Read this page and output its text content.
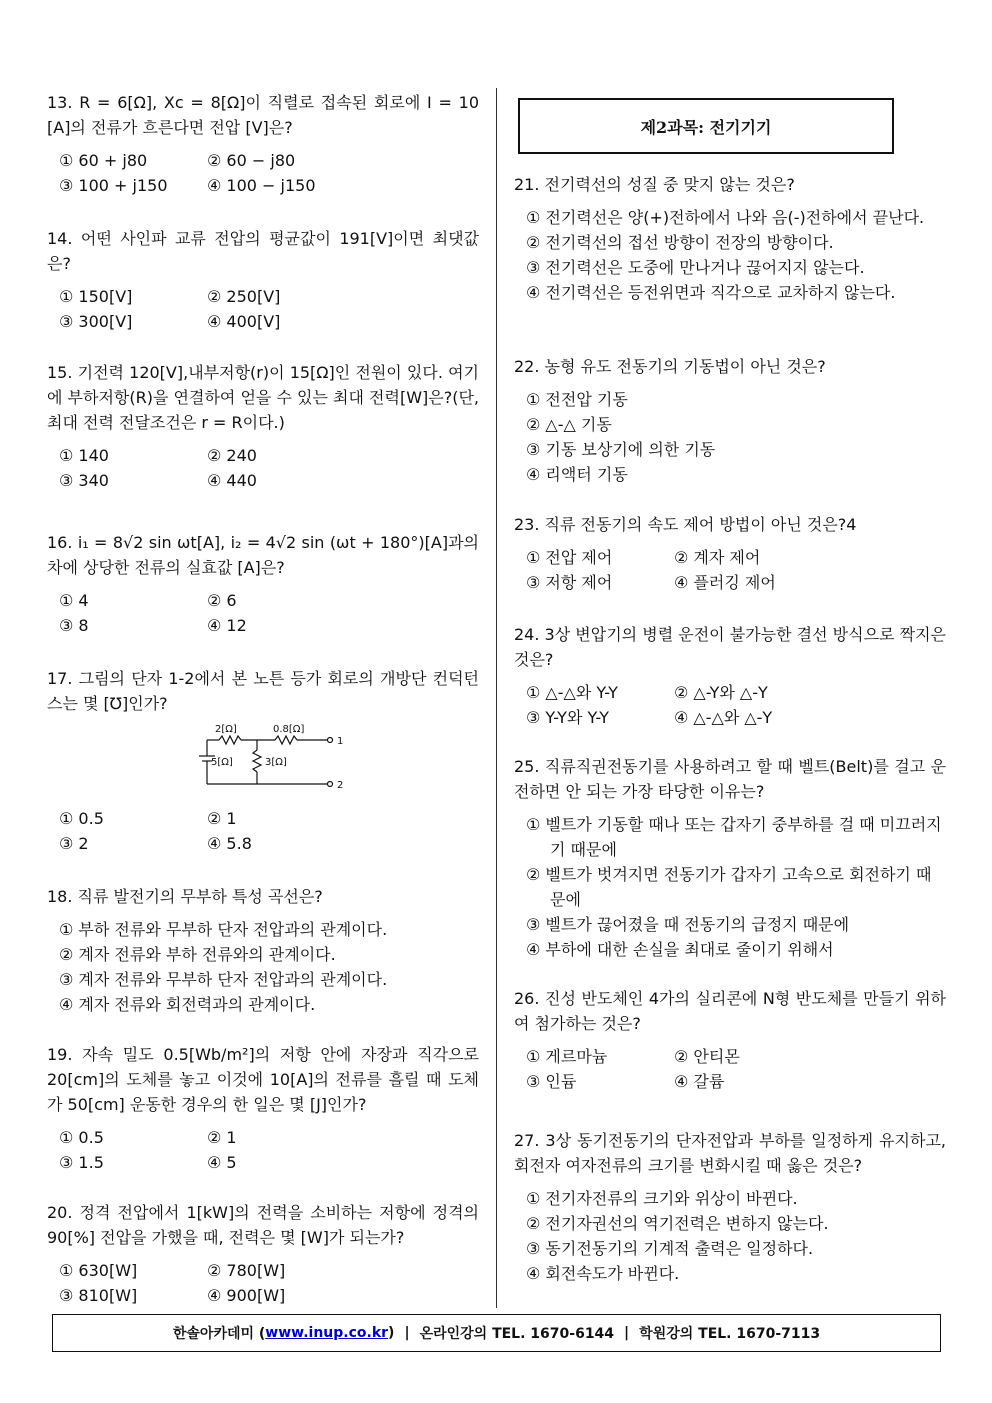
13. R = 6[Ω], Xc = 8[Ω]이 직렬로 접속된 회로에 I = 10 [A]의 전류가 흐른다면 전압 [V]은?
① 60 + j80	② 60 − j80
③ 100 + j150	④ 100 − j150
14. 어떤 사인파 교류 전압의 평균값이 191[V]이면 최댓값은?
① 150[V]	② 250[V]
③ 300[V]	④ 400[V]
15. 기전력 120[V],내부저항(r)이 15[Ω]인 전원이 있다. 여기에 부하저항(R)을 연결하여 얻을 수 있는 최대 전력[W]은?(단, 최대 전력 전달조건은 r = R이다.)
① 140	② 240
③ 340	④ 440
16. i₁ = 8√2 sin ωt[A], i₂ = 4√2 sin (ωt + 180°)[A]과의 차에 상당한 전류의 실효값 [A]은?
① 4	② 6
③ 8	④ 12
17. 그림의 단자 1-2에서 본 노튼 등가 회로의 개방단 컨덕턴스는 몇 [℧]인가?
2[Ω]	0.8[Ω]
5[Ω]	3[Ω]
1
2
① 0.5	② 1
③ 2	④ 5.8
18. 직류 발전기의 무부하 특성 곡선은?
① 부하 전류와 무부하 단자 전압과의 관계이다.
② 계자 전류와 부하 전류와의 관계이다.
③ 계자 전류와 무부하 단자 전압과의 관계이다.
④ 계자 전류와 회전력과의 관계이다.
19. 자속 밀도 0.5[Wb/m²]의 저항 안에 자장과 직각으로 20[cm]의 도체를 놓고 이것에 10[A]의 전류를 흘릴 때 도체가 50[cm] 운동한 경우의 한 일은 몇 [J]인가?
① 0.5	② 1
③ 1.5	④ 5
20. 정격 전압에서 1[kW]의 전력을 소비하는 저항에 정격의 90[%] 전압을 가했을 때, 전력은 몇 [W]가 되는가?
① 630[W]	② 780[W]
③ 810[W]	④ 900[W]
제2과목: 전기기기
21. 전기력선의 성질 중 맞지 않는 것은?
① 전기력선은 양(+)전하에서 나와 음(-)전하에서 끝난다.
② 전기력선의 접선 방향이 전장의 방향이다.
③ 전기력선은 도중에 만나거나 끊어지지 않는다.
④ 전기력선은 등전위면과 직각으로 교차하지 않는다.
22. 농형 유도 전동기의 기동법이 아닌 것은?
① 전전압 기동
② △-△ 기동
③ 기동 보상기에 의한 기동
④ 리액터 기동
23. 직류 전동기의 속도 제어 방법이 아닌 것은?4
① 전압 제어	② 계자 제어
③ 저항 제어	④ 플러깅 제어
24. 3상 변압기의 병렬 운전이 불가능한 결선 방식으로 짝지은 것은?
① △-△와 Y-Y	② △-Y와 △-Y
③ Y-Y와 Y-Y	④ △-△와 △-Y
25. 직류직권전동기를 사용하려고 할 때 벨트(Belt)를 걸고 운전하면 안 되는 가장 타당한 이유는?
① 벨트가 기동할 때나 또는 갑자기 중부하를 걸 때 미끄러지기 때문에
② 벨트가 벗겨지면 전동기가 갑자기 고속으로 회전하기 때문에
③ 벨트가 끊어졌을 때 전동기의 급정지 때문에
④ 부하에 대한 손실을 최대로 줄이기 위해서
26. 진성 반도체인 4가의 실리콘에 N형 반도체를 만들기 위하여 첨가하는 것은?
① 게르마늄	② 안티몬
③ 인듐	④ 갈륨
27. 3상 동기전동기의 단자전압과 부하를 일정하게 유지하고, 회전자 여자전류의 크기를 변화시킬 때 옳은 것은?
① 전기자전류의 크기와 위상이 바뀐다.
② 전기자권선의 역기전력은 변하지 않는다.
③ 동기전동기의 기계적 출력은 일정하다.
④ 회전속도가 바뀐다.
한솔아카데미 ( www.inup.co.kr ) | 온라인강의 TEL. 1670-6144 | 학원강의 TEL. 1670-7113
